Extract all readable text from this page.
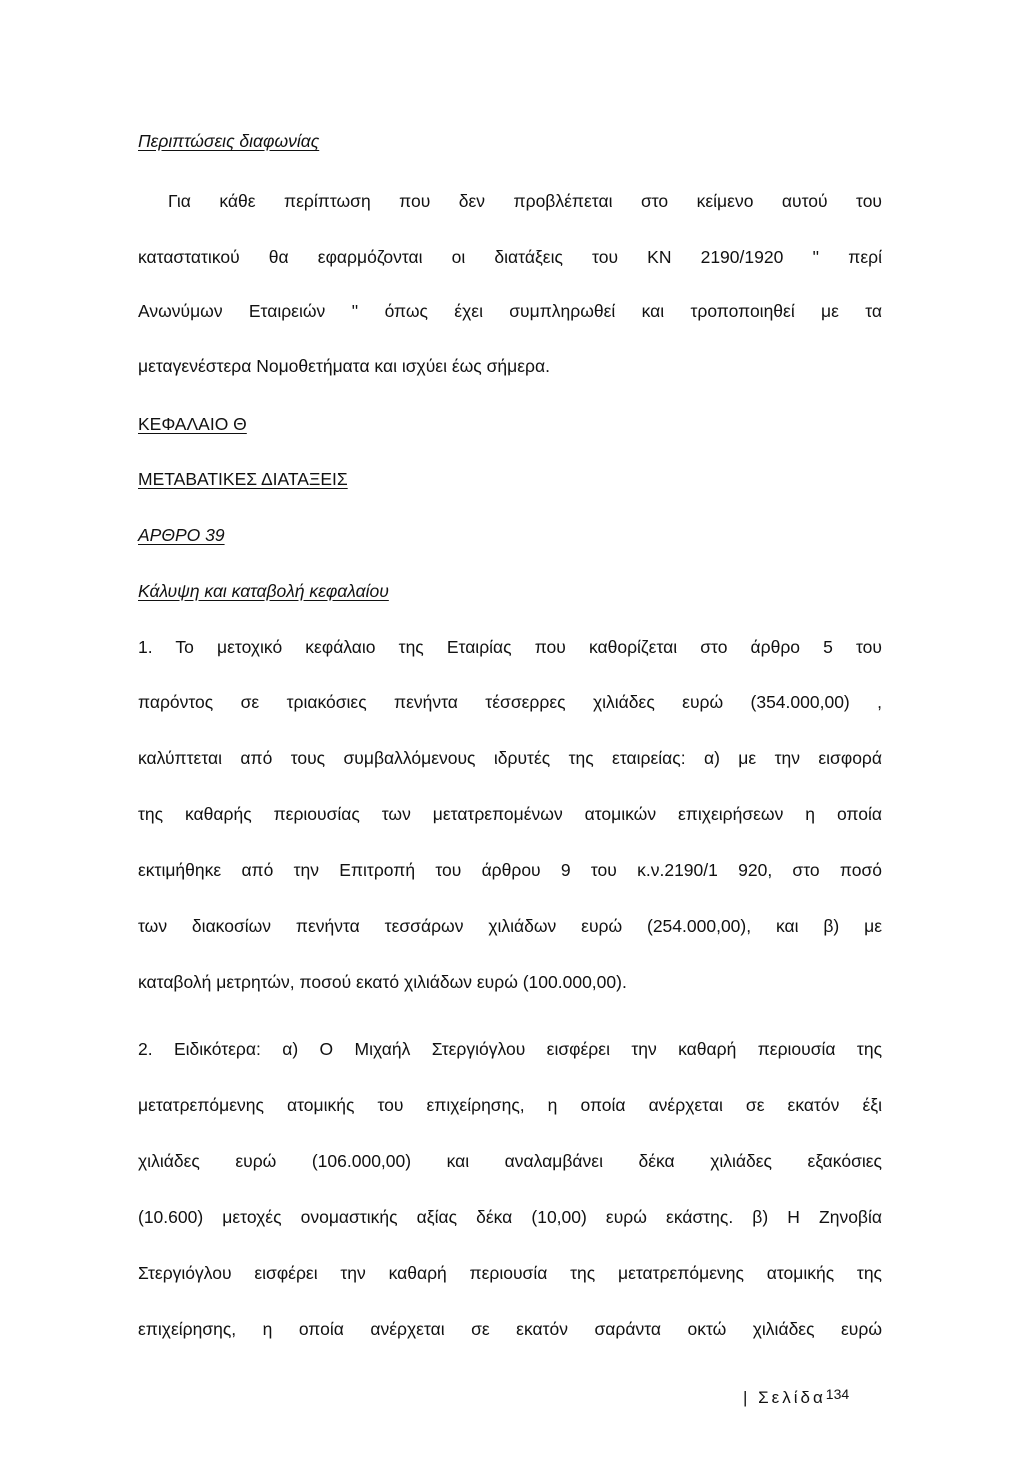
Περιπτώσεις διαφωνίας
Για κάθε περίπτωση που δεν προβλέπεται στο κείμενο αυτού του
καταστατικού θα εφαρμόζονται οι διατάξεις του ΚΝ 2190/1920 '' περί
Ανωνύμων Εταιρειών '' όπως έχει συμπληρωθεί και τροποποιηθεί με τα
μεταγενέστερα Νομοθετήματα και ισχύει έως σήμερα.
ΚΕΦΑΛΑΙΟ Θ
ΜΕΤΑΒΑΤΙΚΕΣ ΔΙΑΤΑΞΕΙΣ
ΑΡΘΡΟ 39
Κάλυψη και καταβολή κεφαλαίου
1. Το μετοχικό κεφάλαιο της Εταιρίας που καθορίζεται στο άρθρο 5 του
παρόντος σε τριακόσιες πενήντα τέσσερρες χιλιάδες ευρώ (354.000,00) ,
καλύπτεται από τους συμβαλλόμενους ιδρυτές της εταιρείας: α) με την εισφορά
της καθαρής περιουσίας των μετατρεπομένων ατομικών επιχειρήσεων η οποία
εκτιμήθηκε από την Επιτροπή του άρθρου 9 του κ.ν.2190/1 920, στο ποσό
των διακοσίων πενήντα τεσσάρων χιλιάδων ευρώ (254.000,00), και β) με
καταβολή μετρητών, ποσού εκατό χιλιάδων ευρώ (100.000,00).
2. Ειδικότερα: α) Ο Μιχαήλ Στεργιόγλου εισφέρει την καθαρή περιουσία της
μετατρεπόμενης ατομικής του επιχείρησης, η οποία ανέρχεται σε εκατόν έξι
χιλιάδες ευρώ (106.000,00) και αναλαμβάνει δέκα χιλιάδες εξακόσιες
(10.600) μετοχές ονομαστικής αξίας δέκα (10,00) ευρώ εκάστης. β) Η Ζηνοβία
Στεργιόγλου εισφέρει την καθαρή περιουσία της μετατρεπόμενης ατομικής της
επιχείρησης, η οποία ανέρχεται σε εκατόν σαράντα οκτώ χιλιάδες ευρώ
| Σελίδα$^{134}$
